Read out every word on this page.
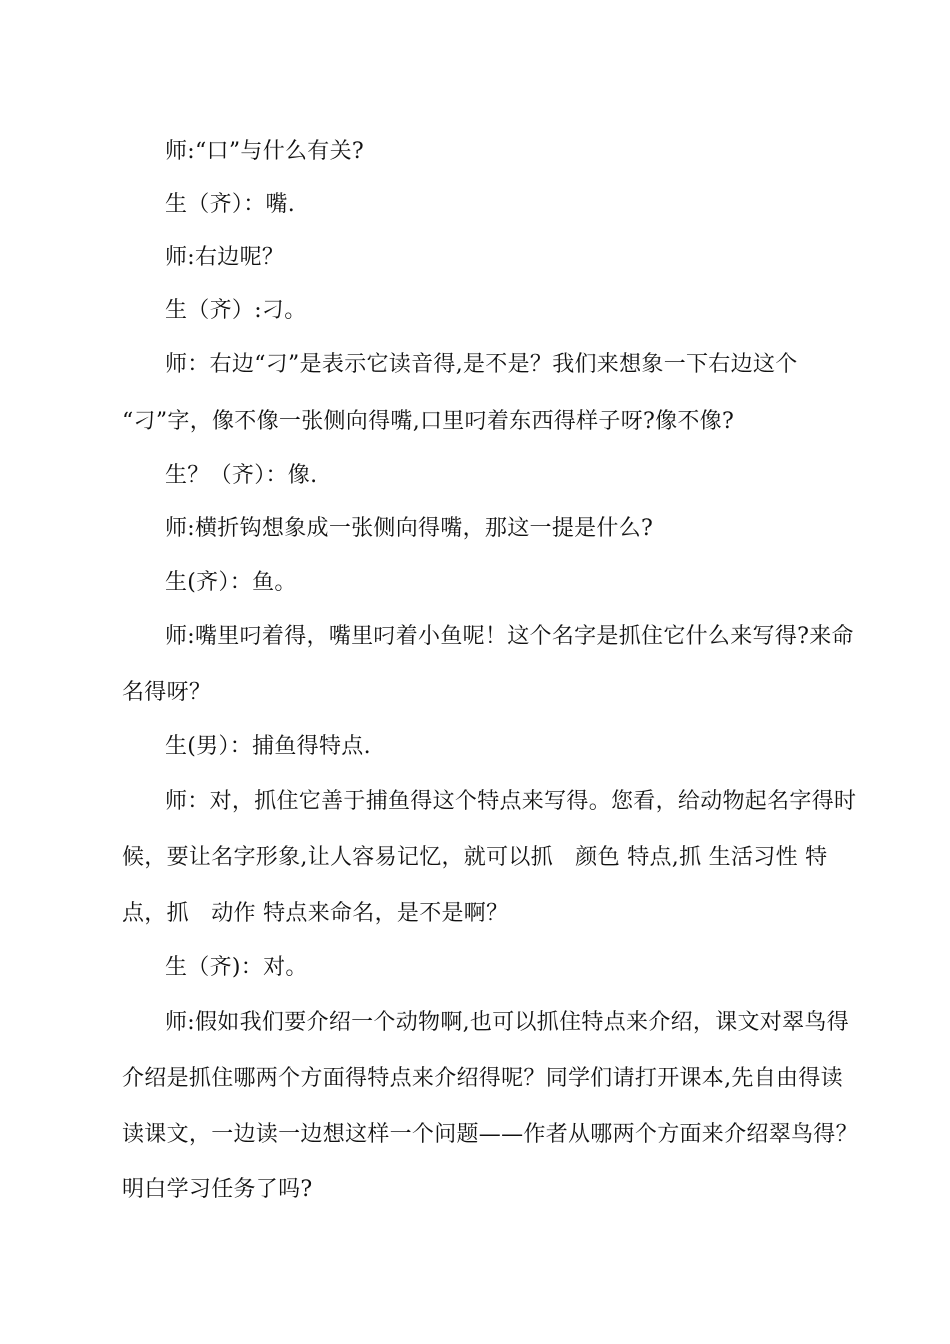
师:“口”与什么有关?

生（齐）：嘴.

师:右边呢？

生（齐）:刁。

师：右边“刁”是表示它读音得,是不是？我们来想象一下右边这个

“刁”字，像不像一张侧向得嘴,口里叼着东西得样子呀?像不像?

生？（齐）：像.

师:横折钩想象成一张侧向得嘴，那这一提是什么?

生(齐）：鱼。

师:嘴里叼着得，嘴里叼着小鱼呢！这个名字是抓住它什么来写得?来命

名得呀？

生(男）：捕鱼得特点.

师：对，抓住它善于捕鱼得这个特点来写得。您看，给动物起名字得时

候，要让名字形象,让人容易记忆，就可以抓　颜色 特点,抓 生活习性 特

点，抓　动作 特点来命名，是不是啊？

生（齐)：对。

师:假如我们要介绍一个动物啊,也可以抓住特点来介绍，课文对翠鸟得

介绍是抓住哪两个方面得特点来介绍得呢？同学们请打开课本,先自由得读

读课文，一边读一边想这样一个问题——作者从哪两个方面来介绍翠鸟得？

明白学习任务了吗?
